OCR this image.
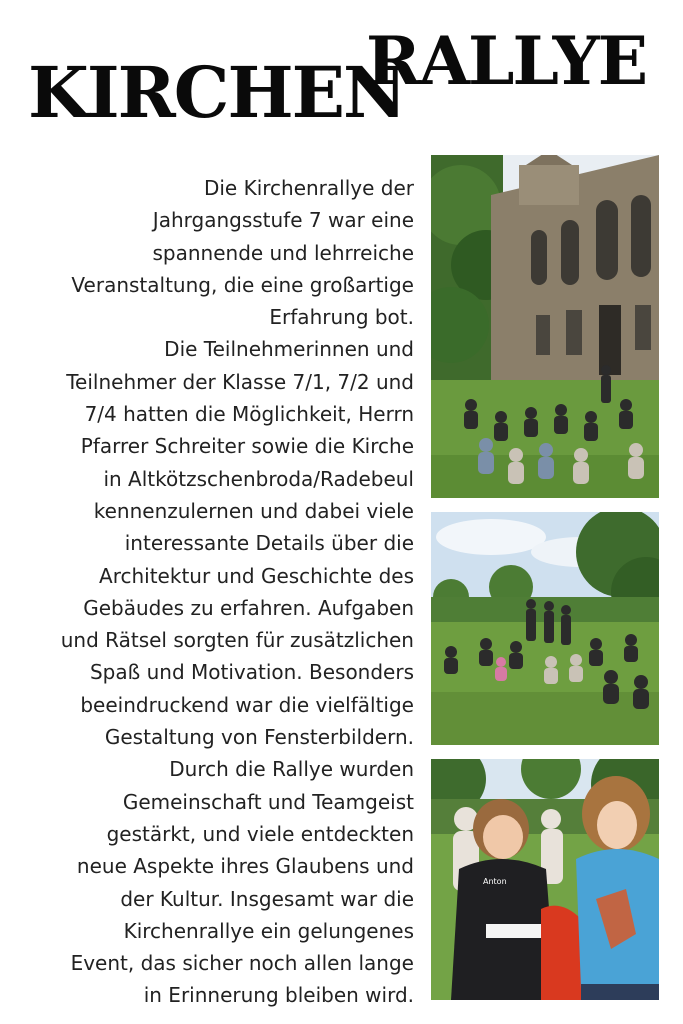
KIRCHEN
RALLYE
Die Kirchenrallye der
Jahrgangsstufe 7 war eine
spannende und lehrreiche
Veranstaltung, die eine großartige
Erfahrung bot.
Die Teilnehmerinnen und
Teilnehmer der Klasse 7/1, 7/2 und
7/4 hatten die Möglichkeit, Herrn
Pfarrer Schreiter sowie die Kirche
in Altkötzschenbroda/Radebeul
kennenzulernen und dabei viele
interessante Details über die
Architektur und Geschichte des
Gebäudes zu erfahren. Aufgaben
und Rätsel sorgten für zusätzlichen
Spaß und Motivation. Besonders
beeindruckend war die vielfältige
Gestaltung von Fensterbildern.
Durch die Rallye wurden
Gemeinschaft und Teamgeist
gestärkt, und viele entdeckten
neue Aspekte ihres Glaubens und
der Kultur. Insgesamt war die
Kirchenrallye ein gelungenes
Event, das sicher noch allen lange
in Erinnerung bleiben wird.
Anton
